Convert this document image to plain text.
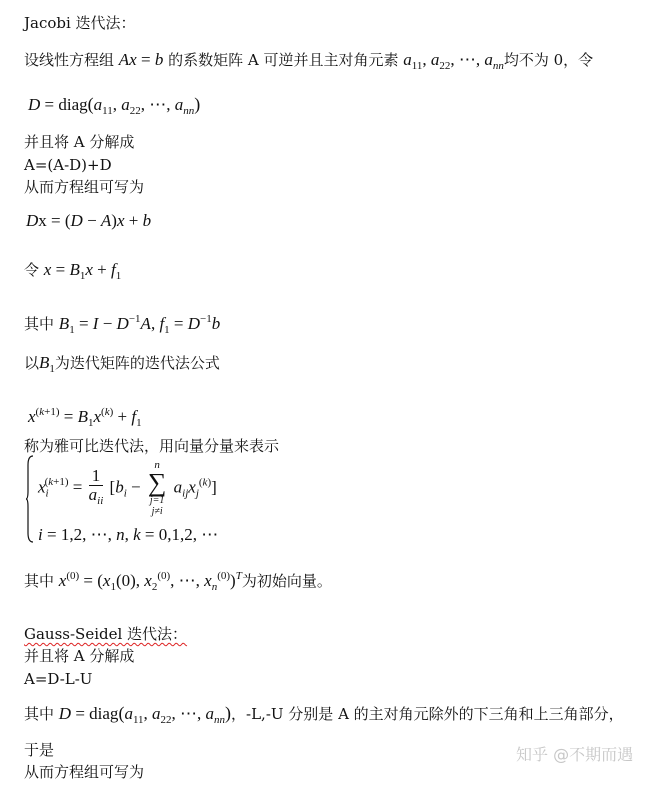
Jacobi 迭代法：
设线性方程组 Ax = b 的系数矩阵 A 可逆并且主对角元素 $a_{11}$, $a_{22}$, ⋯, $a_{nn}$均不为 0，令
$D = diag(a_{11}$, $a_{22}$, ⋯, $a_{nn}$)
并且将 A 分解成
A=(A-D)+D
从而方程组可写为
Dx = (D − A)x + b
令 $x = B_1x + f_1$
其中 $B_1 = I - D^{-1}A$, $f_1 = D^{-1}b$
以$B_1$为迭代矩阵的迭代法公式
$x^{(k+1)} = B_1x^{(k)} + f_1$
称为雅可比迭代法，用向量分量来表示
$x_i^{(k+1)} = \frac{1}{a_{ii}} [b_i$ −
n
∑
j=1
j≠i
$a_{ij}x_j^{(k)}$]
i = 1,2, ⋯, n, k = 0,1,2, ⋯
其中 $x^{(0)} = (x_1(0)$, $x_2^{(0)}$, ⋯, $x_n^{(0)})^T$为初始向量。
Gauss-Seidel 迭代法：
并且将 A 分解成
A=D-L-U
其中 $D = diag(a_{11}$, $a_{22}$, ⋯, $a_{nn}$)，-L,-U 分别是 A 的主对角元除外的下三角和上三角部分，
于是
从而方程组可写为
知乎 @不期而遇
